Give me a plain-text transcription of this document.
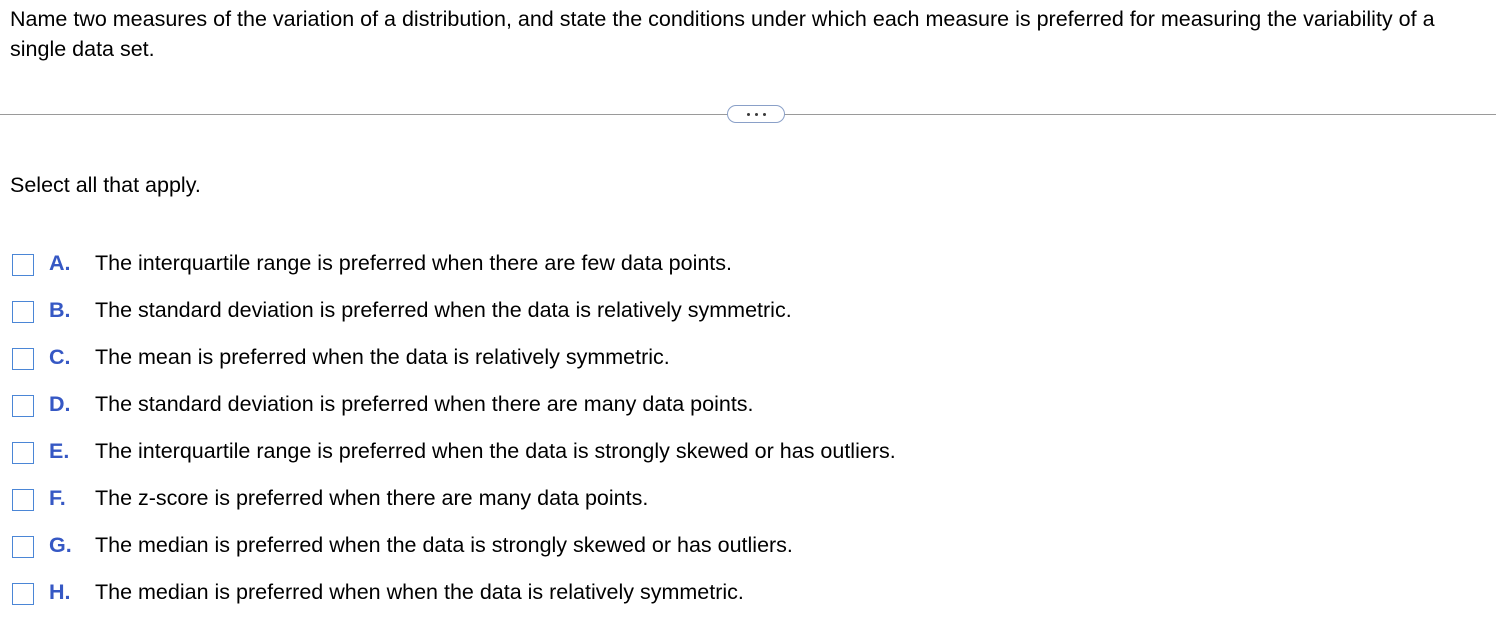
Name two measures of the variation of a distribution, and state the conditions under which each measure is preferred for measuring the variability of a single data set.

Select all that apply.

A.	The interquartile range is preferred when there are few data points.
B.	The standard deviation is preferred when the data is relatively symmetric.
C.	The mean is preferred when the data is relatively symmetric.
D.	The standard deviation is preferred when there are many data points.
E.	The interquartile range is preferred when the data is strongly skewed or has outliers.
F.	The z-score is preferred when there are many data points.
G.	The median is preferred when the data is strongly skewed or has outliers.
H.	The median is preferred when when the data is relatively symmetric.
